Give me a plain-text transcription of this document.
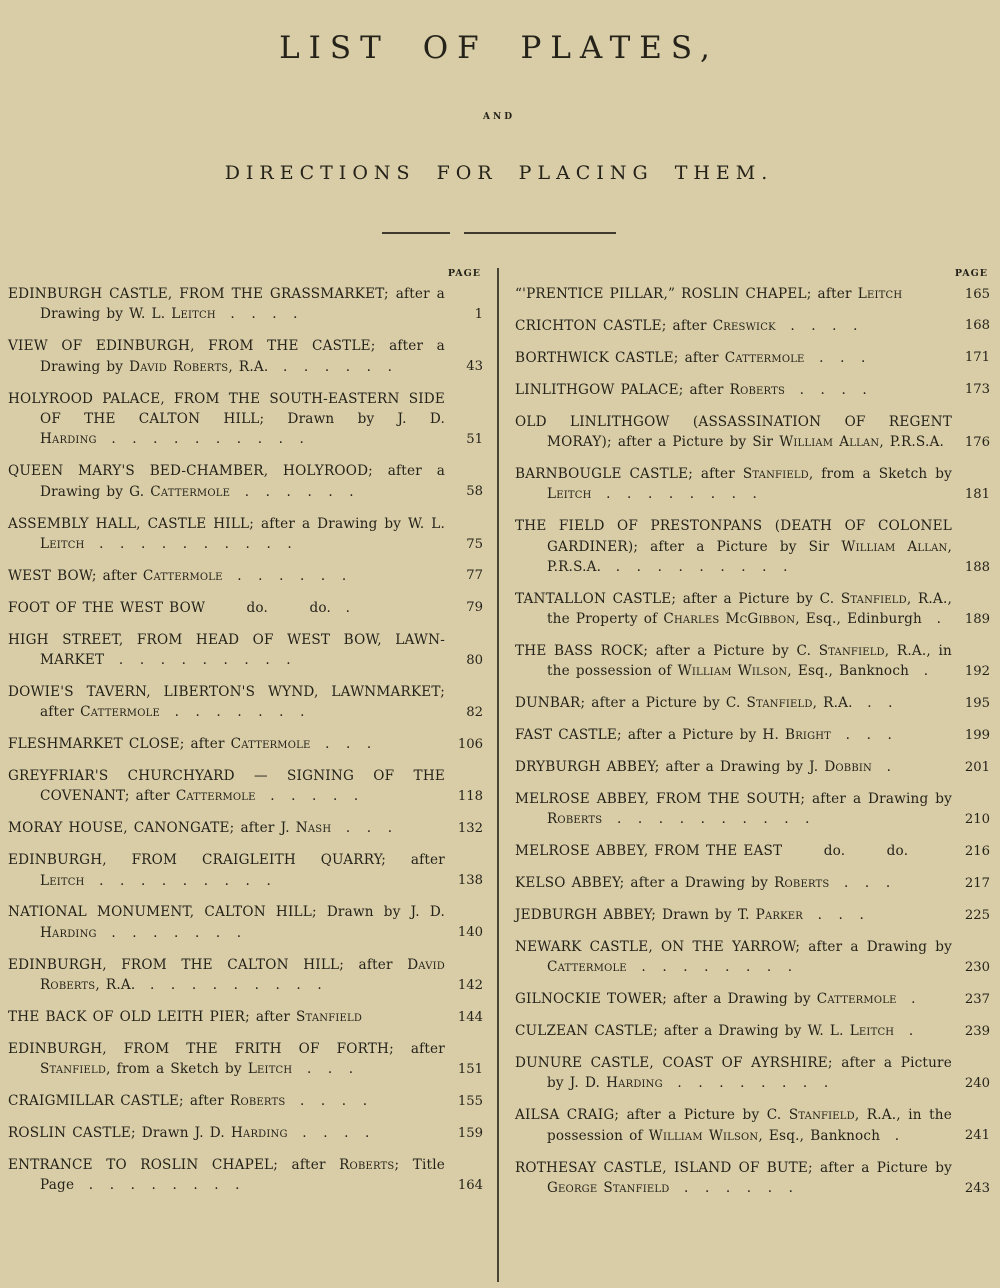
LIST OF PLATES,
AND
DIRECTIONS FOR PLACING THEM.
PAGE
EDINBURGH CASTLE, FROM THE GRASSMARKET; after a Drawing by W. L. Leitch .  .  .  .	1
VIEW OF EDINBURGH, FROM THE CASTLE; after a Drawing by David Roberts, R.A. .  .  .  .  .  .	43
HOLYROOD PALACE, FROM THE SOUTH-EASTERN SIDE OF THE CALTON HILL; Drawn by J. D. Harding .  .  .  .  .  .  .  .  .  .	51
QUEEN MARY'S BED-CHAMBER, HOLYROOD; after a Drawing by G. Cattermole .  .  .  .  .  .	58
ASSEMBLY HALL, CASTLE HILL; after a Drawing by W. L. Leitch .  .  .  .  .  .  .  .  .  .	75
WEST BOW; after Cattermole .  .  .  .  .  .	77
FOOT OF THE WEST BOW   do.   do. .	79
HIGH STREET, FROM HEAD OF WEST BOW, LAWN-MARKET .  .  .  .  .  .  .  .  .	80
DOWIE'S TAVERN, LIBERTON'S WYND, LAWNMARKET; after Cattermole .  .  .  .  .  .  .	82
FLESHMARKET CLOSE; after Cattermole .  .  .	106
GREYFRIAR'S CHURCHYARD — SIGNING OF THE COVENANT; after Cattermole .  .  .  .  .	118
MORAY HOUSE, CANONGATE; after J. Nash .  .  .	132
EDINBURGH, FROM CRAIGLEITH QUARRY; after Leitch .  .  .  .  .  .  .  .  .	138
NATIONAL MONUMENT, CALTON HILL; Drawn by J. D. Harding .  .  .  .  .  .  .	140
EDINBURGH, FROM THE CALTON HILL; after David Roberts, R.A. .  .  .  .  .  .  .  .  .	142
THE BACK OF OLD LEITH PIER; after Stanfield	144
EDINBURGH, FROM THE FRITH OF FORTH; after Stanfield, from a Sketch by Leitch .  .  .	151
CRAIGMILLAR CASTLE; after Roberts .  .  .  .	155
ROSLIN CASTLE; Drawn J. D. Harding .  .  .  .	159
ENTRANCE TO ROSLIN CHAPEL; after Roberts; Title Page .  .  .  .  .  .  .  .	164
PAGE
“'PRENTICE PILLAR,” ROSLIN CHAPEL; after Leitch	165
CRICHTON CASTLE; after Creswick .  .  .  .	168
BORTHWICK CASTLE; after Cattermole .  .  .	171
LINLITHGOW PALACE; after Roberts .  .  .  .	173
OLD LINLITHGOW (ASSASSINATION OF REGENT MORAY); after a Picture by Sir William Allan, P.R.S.A.	176
BARNBOUGLE CASTLE; after Stanfield, from a Sketch by Leitch .  .  .  .  .  .  .  .	181
THE FIELD OF PRESTONPANS (DEATH OF COLONEL GARDINER); after a Picture by Sir William Allan, P.R.S.A. .  .  .  .  .  .  .  .  .	188
TANTALLON CASTLE; after a Picture by C. Stanfield, R.A., the Property of Charles McGibbon, Esq., Edinburgh .	189
THE BASS ROCK; after a Picture by C. Stanfield, R.A., in the possession of William Wilson, Esq., Banknoch .	192
DUNBAR; after a Picture by C. Stanfield, R.A. .  .	195
FAST CASTLE; after a Picture by H. Bright .  .  .	199
DRYBURGH ABBEY; after a Drawing by J. Dobbin .	201
MELROSE ABBEY, FROM THE SOUTH; after a Drawing by Roberts .  .  .  .  .  .  .  .  .  .	210
MELROSE ABBEY, FROM THE EAST   do.   do.	216
KELSO ABBEY; after a Drawing by Roberts .  .  .	217
JEDBURGH ABBEY; Drawn by T. Parker .  .  .	225
NEWARK CASTLE, ON THE YARROW; after a Drawing by Cattermole .  .  .  .  .  .  .  .	230
GILNOCKIE TOWER; after a Drawing by Cattermole .	237
CULZEAN CASTLE; after a Drawing by W. L. Leitch .	239
DUNURE CASTLE, COAST OF AYRSHIRE; after a Picture by J. D. Harding .  .  .  .  .  .  .  .	240
AILSA CRAIG; after a Picture by C. Stanfield, R.A., in the possession of William Wilson, Esq., Banknoch .	241
ROTHESAY CASTLE, ISLAND OF BUTE; after a Picture by George Stanfield .  .  .  .  .  .	243
